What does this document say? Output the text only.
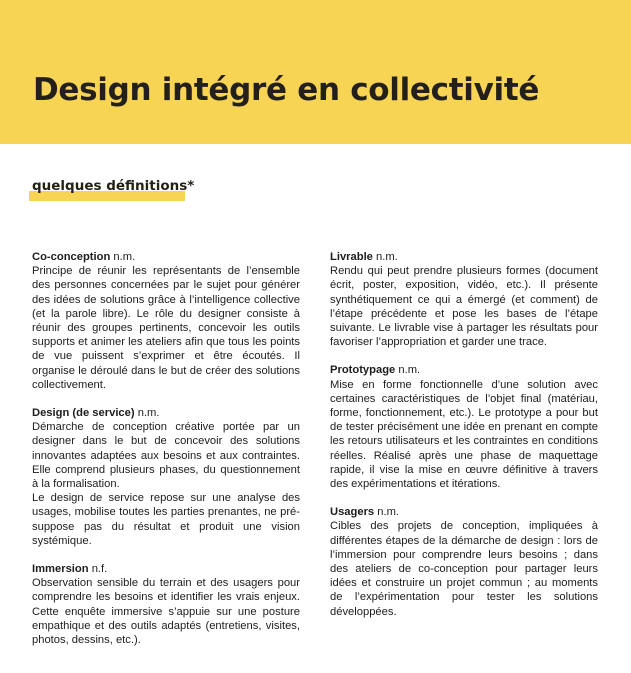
Design intégré en collectivité
quelques définitions*
Co-conception n.m.

Principe de réunir les représentants de l’ensemble des personnes concernées par le sujet pour générer des idées de solutions grâce à l’intelligence collective (et la parole libre). Le rôle du designer consiste à réunir des groupes pertinents, concevoir les outils supports et animer les ateliers afin que tous les points de vue puissent s’exprimer et être écoutés. Il organise le déroulé dans le but de créer des solutions collectivement.

Design (de service) n.m.

Démarche de conception créative portée par un designer dans le but de concevoir des solutions innovantes adaptées aux besoins et aux contraintes. Elle comprend plusieurs phases, du questionnement à la formalisation.

Le design de service repose sur une analyse des usages, mobilise toutes les parties prenantes, ne pré-suppose pas du résultat et produit une vision systémique.

Immersion n.f.

Observation sensible du terrain et des usagers pour comprendre les besoins et identifier les vrais enjeux. Cette enquête immersive s’appuie sur une posture empathique et des outils adaptés (entretiens, visites, photos, dessins, etc.).

Livrable n.m.

Rendu qui peut prendre plusieurs formes (document écrit, poster, exposition, vidéo, etc.). Il présente synthétiquement ce qui a émergé (et comment) de l’étape précédente et pose les bases de l’étape suivante. Le livrable vise à partager les résultats pour favoriser l’appropriation et garder une trace.

Prototypage n.m.

Mise en forme fonctionnelle d’une solution avec certaines caractéristiques de l’objet final (matériau, forme, fonctionnement, etc.). Le prototype a pour but de tester précisément une idée en prenant en compte les retours utilisateurs et les contraintes en conditions réelles. Réalisé après une phase de maquettage rapide, il vise la mise en œuvre définitive à travers des expérimentations et itérations.

Usagers n.m.

Cibles des projets de conception, impliquées à différentes étapes de la démarche de design : lors de l’immersion pour comprendre leurs besoins ; dans des ateliers de co-conception pour partager leurs idées et construire un projet commun ; au moments de l’expérimentation pour tester les solutions développées.
